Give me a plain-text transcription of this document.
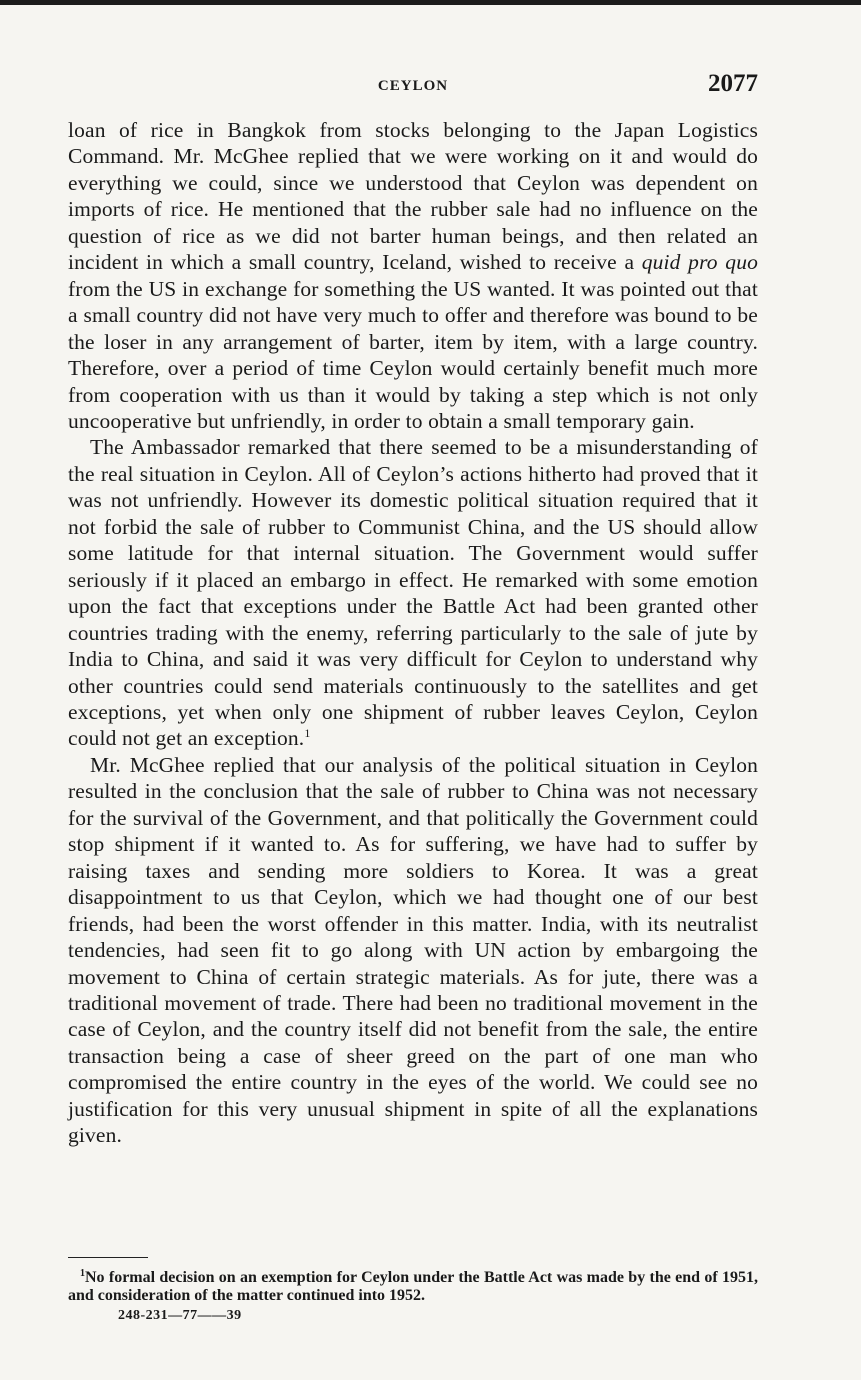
CEYLON	2077

loan of rice in Bangkok from stocks belonging to the Japan Logistics Command. Mr. McGhee replied that we were working on it and would do everything we could, since we understood that Ceylon was dependent on imports of rice. He mentioned that the rubber sale had no influence on the question of rice as we did not barter human beings, and then related an incident in which a small country, Iceland, wished to receive a quid pro quo from the US in exchange for something the US wanted. It was pointed out that a small country did not have very much to offer and therefore was bound to be the loser in any arrangement of barter, item by item, with a large country. Therefore, over a period of time Ceylon would certainly benefit much more from cooperation with us than it would by taking a step which is not only uncooperative but unfriendly, in order to obtain a small temporary gain.

The Ambassador remarked that there seemed to be a misunderstanding of the real situation in Ceylon. All of Ceylon’s actions hitherto had proved that it was not unfriendly. However its domestic political situation required that it not forbid the sale of rubber to Communist China, and the US should allow some latitude for that internal situation. The Government would suffer seriously if it placed an embargo in effect. He remarked with some emotion upon the fact that exceptions under the Battle Act had been granted other countries trading with the enemy, referring particularly to the sale of jute by India to China, and said it was very difficult for Ceylon to understand why other countries could send materials continuously to the satellites and get exceptions, yet when only one shipment of rubber leaves Ceylon, Ceylon could not get an exception.$^1$

Mr. McGhee replied that our analysis of the political situation in Ceylon resulted in the conclusion that the sale of rubber to China was not necessary for the survival of the Government, and that politically the Government could stop shipment if it wanted to. As for suffering, we have had to suffer by raising taxes and sending more soldiers to Korea. It was a great disappointment to us that Ceylon, which we had thought one of our best friends, had been the worst offender in this matter. India, with its neutralist tendencies, had seen fit to go along with UN action by embargoing the movement to China of certain strategic materials. As for jute, there was a traditional movement of trade. There had been no traditional movement in the case of Ceylon, and the country itself did not benefit from the sale, the entire transaction being a case of sheer greed on the part of one man who compromised the entire country in the eyes of the world. We could see no justification for this very unusual shipment in spite of all the explanations given.

$^1$No formal decision on an exemption for Ceylon under the Battle Act was made by the end of 1951, and consideration of the matter continued into 1952.

248-231—77——39
